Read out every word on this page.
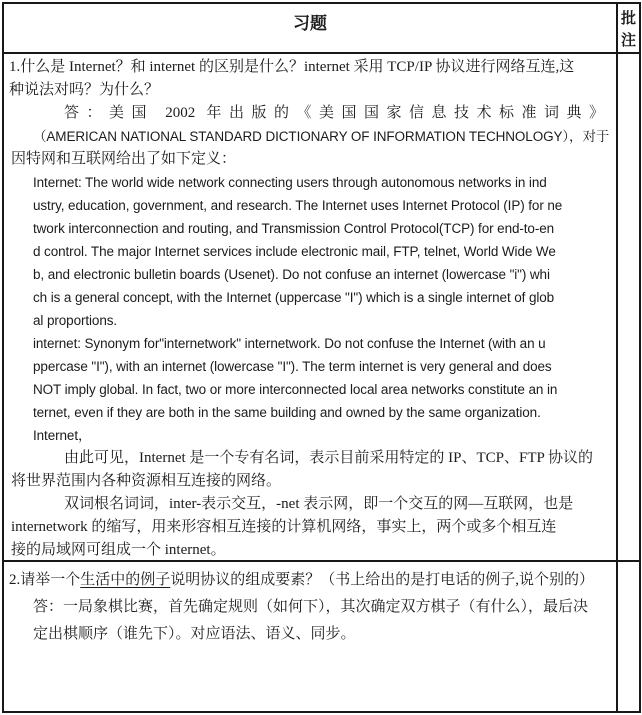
习题	批注
1.什么是 Internet？和 internet 的区别是什么？internet 采用 TCP/IP 协议进行网络互连,这
种说法对吗？为什么？
答：美国 2002 年出版的《美国国家信息技术标准词典》
（AMERICAN NATIONAL STANDARD DICTIONARY OF INFORMATION TECHNOLOGY），对于
因特网和互联网给出了如下定义：
Internet: The world wide network connecting users through autonomous networks in ind
ustry, education, government, and research. The Internet uses Internet Protocol (IP) for ne
twork interconnection and routing, and Transmission Control Protocol(TCP) for end-to-en
d control. The major Internet services include electronic mail, FTP, telnet, World Wide We
b, and electronic bulletin boards (Usenet). Do not confuse an internet (lowercase "i") whi
ch is a general concept, with the Internet (uppercase "I") which is a single internet of glob
al proportions.
internet: Synonym for"internetwork" internetwork. Do not confuse the Internet (with an u
ppercase "I"), with an internet (lowercase "I"). The term internet is very general and does
NOT imply global. In fact, two or more interconnected local area networks constitute an in
ternet, even if they are both in the same building and owned by the same organization.
Internet，
由此可见，Internet 是一个专有名词，表示目前采用特定的 IP、TCP、FTP 协议的
将世界范围内各种资源相互连接的网络。
双词根名词词，inter-表示交互，-net 表示网，即一个交互的网—互联网，也是
internetwork 的缩写，用来形容相互连接的计算机网络，事实上，两个或多个相互连
接的局域网可组成一个 internet。
2.请举一个生活中的例子说明协议的组成要素？（书上给出的是打电话的例子,说个别的）
答：一局象棋比赛，首先确定规则（如何下），其次确定双方棋子（有什么），最后决
定出棋顺序（谁先下）。对应语法、语义、同步。
